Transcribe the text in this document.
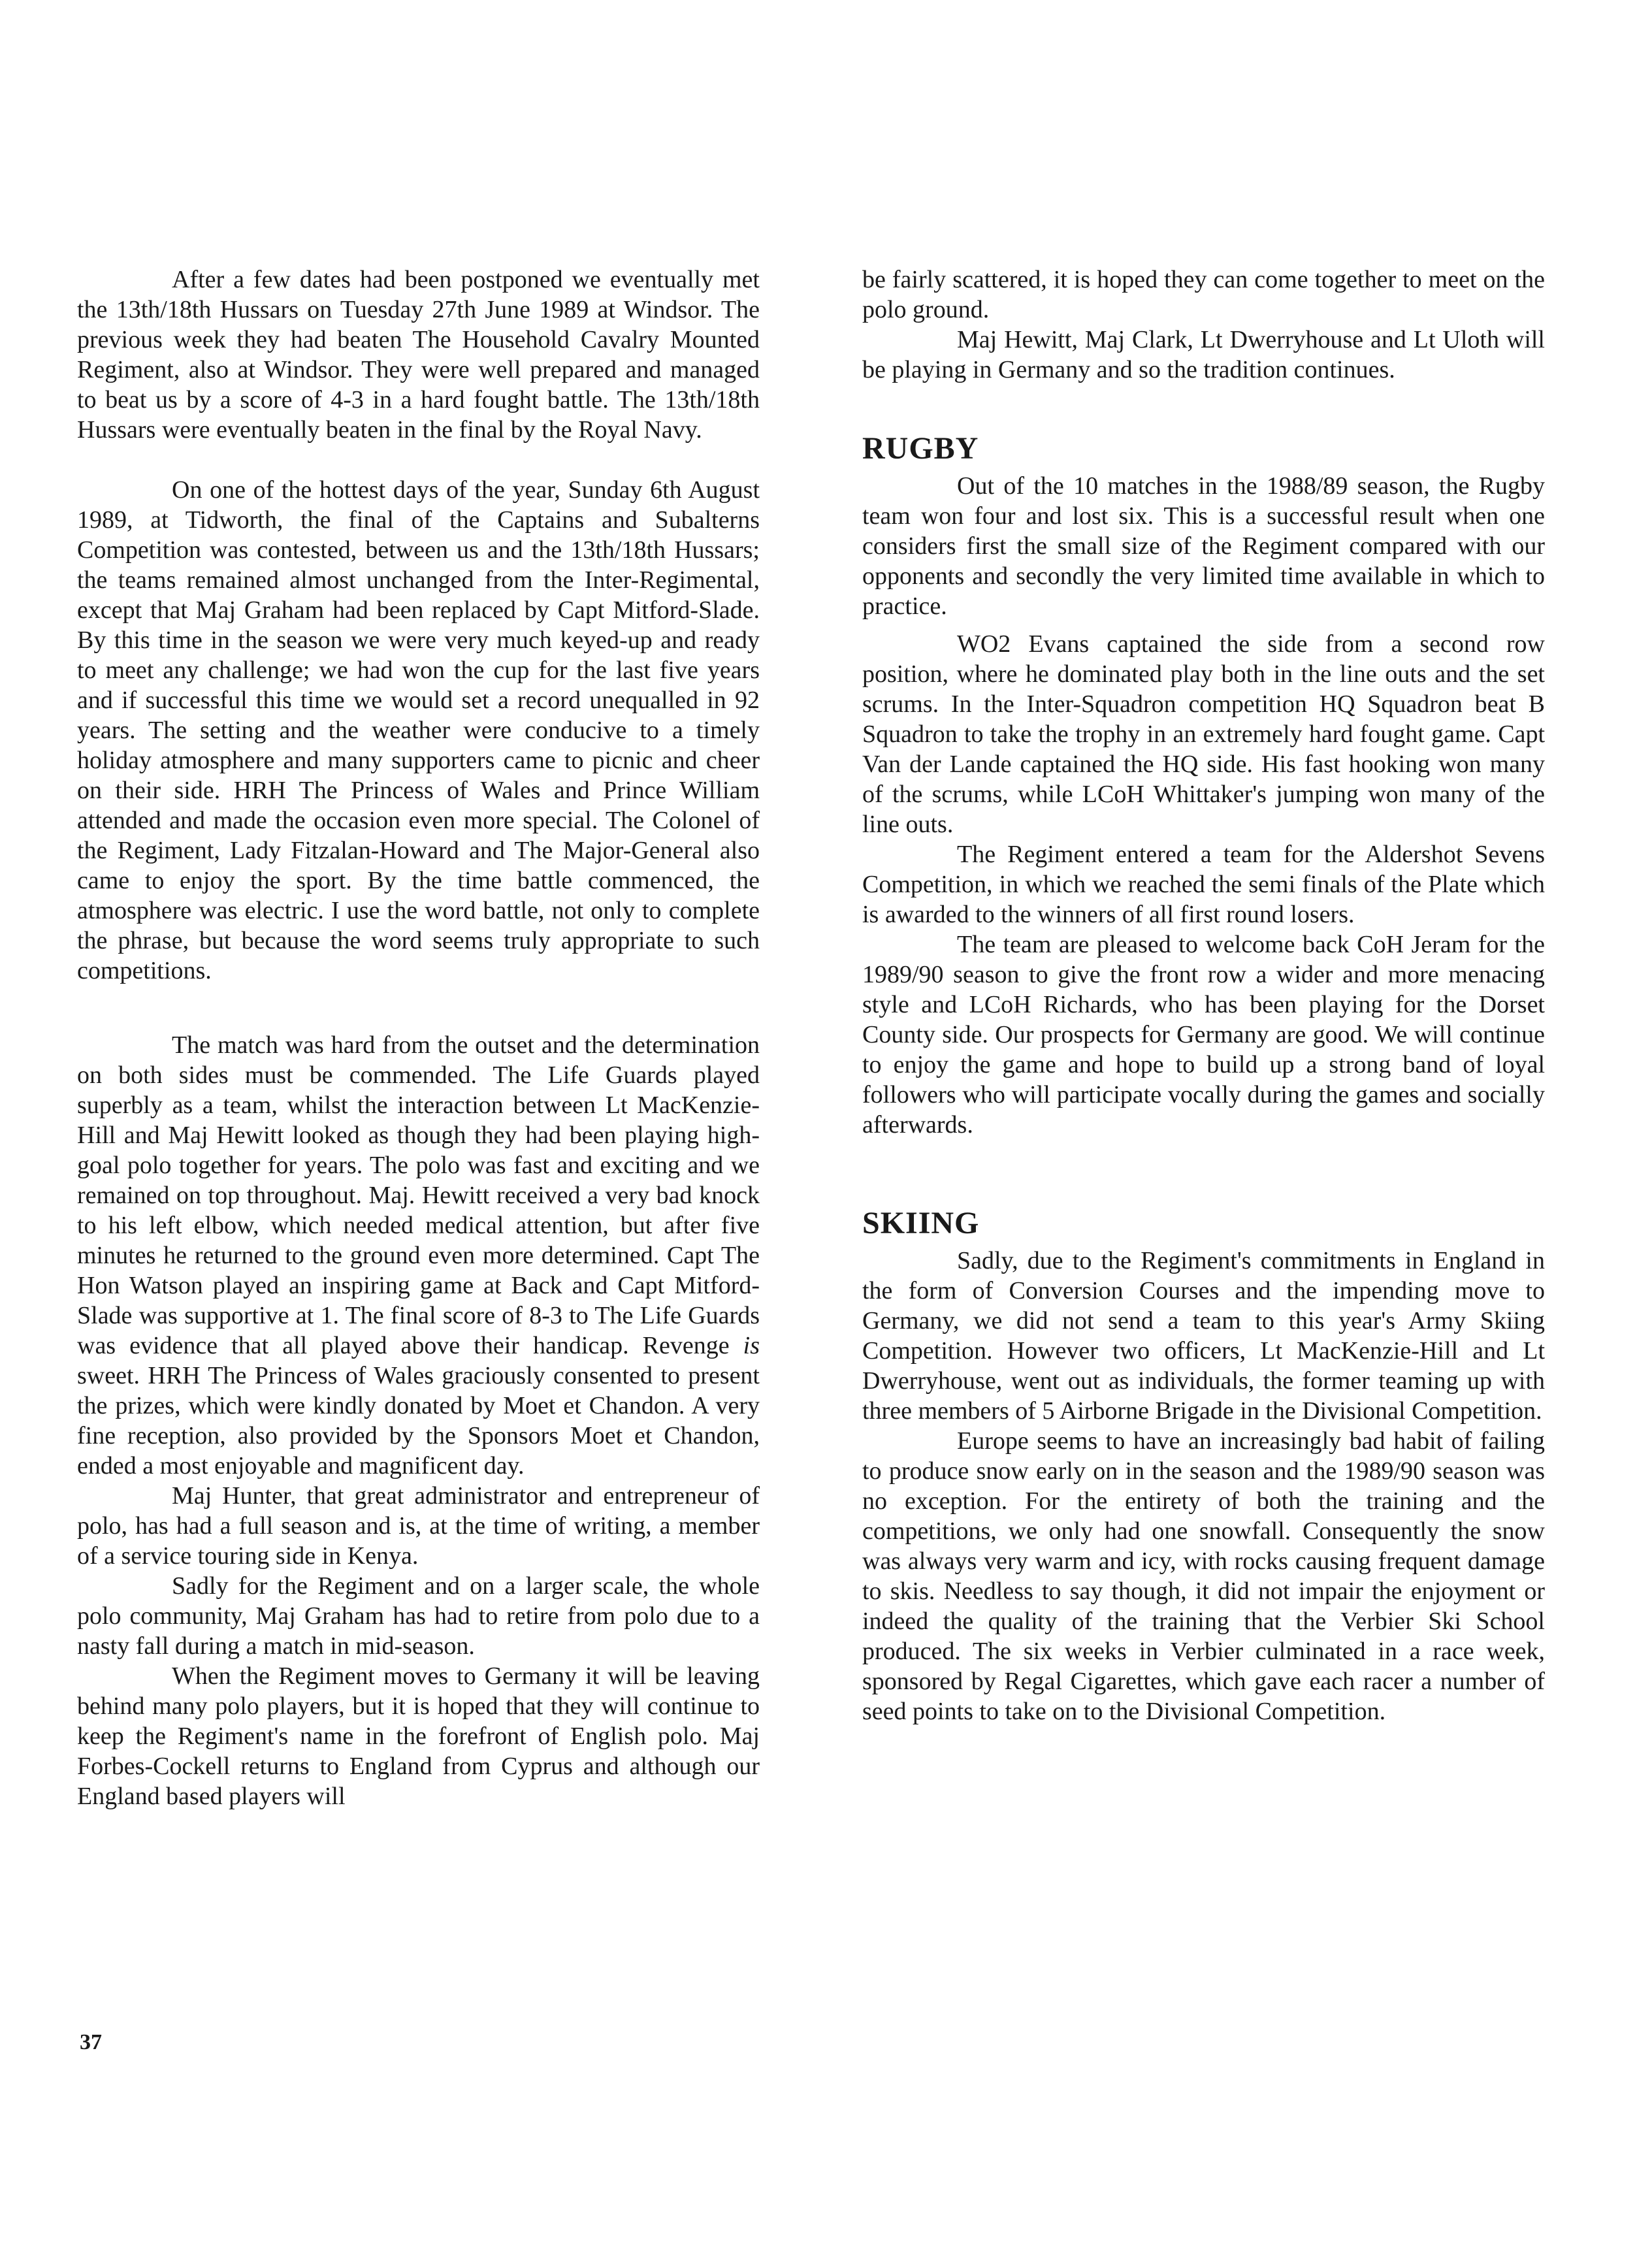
After a few dates had been postponed we eventually met the 13th/18th Hussars on Tuesday 27th June 1989 at Windsor. The previous week they had beaten The Household Cavalry Mounted Regiment, also at Windsor. They were well prepared and managed to beat us by a score of 4-3 in a hard fought battle. The 13th/18th Hussars were eventually beaten in the final by the Royal Navy.

On one of the hottest days of the year, Sunday 6th August 1989, at Tidworth, the final of the Captains and Subalterns Competition was contested, between us and the 13th/18th Hussars; the teams remained almost unchanged from the Inter-Regimental, except that Maj Graham had been replaced by Capt Mitford-Slade. By this time in the season we were very much keyed-up and ready to meet any challenge; we had won the cup for the last five years and if successful this time we would set a record unequalled in 92 years. The setting and the weather were conducive to a timely holiday atmosphere and many supporters came to picnic and cheer on their side. HRH The Princess of Wales and Prince William attended and made the occasion even more special. The Colonel of the Regiment, Lady Fitzalan-Howard and The Major-General also came to enjoy the sport. By the time battle commenced, the atmosphere was electric. I use the word battle, not only to complete the phrase, but because the word seems truly appropriate to such competitions.

The match was hard from the outset and the determination on both sides must be commended. The Life Guards played superbly as a team, whilst the interaction between Lt MacKenzie-Hill and Maj Hewitt looked as though they had been playing high-goal polo together for years. The polo was fast and exciting and we remained on top throughout. Maj. Hewitt received a very bad knock to his left elbow, which needed medical attention, but after five minutes he returned to the ground even more determined. Capt The Hon Watson played an inspiring game at Back and Capt Mitford-Slade was supportive at 1. The final score of 8-3 to The Life Guards was evidence that all played above their handicap. Revenge is sweet. HRH The Princess of Wales graciously consented to present the prizes, which were kindly donated by Moet et Chandon. A very fine reception, also provided by the Sponsors Moet et Chandon, ended a most enjoyable and magnificent day.

Maj Hunter, that great administrator and entrepreneur of polo, has had a full season and is, at the time of writing, a member of a service touring side in Kenya.

Sadly for the Regiment and on a larger scale, the whole polo community, Maj Graham has had to retire from polo due to a nasty fall during a match in mid-season.

When the Regiment moves to Germany it will be leaving behind many polo players, but it is hoped that they will continue to keep the Regiment's name in the forefront of English polo. Maj Forbes-Cockell returns to England from Cyprus and although our England based players will

be fairly scattered, it is hoped they can come together to meet on the polo ground.

Maj Hewitt, Maj Clark, Lt Dwerryhouse and Lt Uloth will be playing in Germany and so the tradition continues.

RUGBY

Out of the 10 matches in the 1988/89 season, the Rugby team won four and lost six. This is a successful result when one considers first the small size of the Regiment compared with our opponents and secondly the very limited time available in which to practice.

WO2 Evans captained the side from a second row position, where he dominated play both in the line outs and the set scrums. In the Inter-Squadron competition HQ Squadron beat B Squadron to take the trophy in an extremely hard fought game. Capt Van der Lande captained the HQ side. His fast hooking won many of the scrums, while LCoH Whittaker's jumping won many of the line outs.

The Regiment entered a team for the Aldershot Sevens Competition, in which we reached the semi finals of the Plate which is awarded to the winners of all first round losers.

The team are pleased to welcome back CoH Jeram for the 1989/90 season to give the front row a wider and more menacing style and LCoH Richards, who has been playing for the Dorset County side. Our prospects for Germany are good. We will continue to enjoy the game and hope to build up a strong band of loyal followers who will participate vocally during the games and socially afterwards.

SKIING

Sadly, due to the Regiment's commitments in England in the form of Conversion Courses and the impending move to Germany, we did not send a team to this year's Army Skiing Competition. However two officers, Lt MacKenzie-Hill and Lt Dwerryhouse, went out as individuals, the former teaming up with three members of 5 Airborne Brigade in the Divisional Competition.

Europe seems to have an increasingly bad habit of failing to produce snow early on in the season and the 1989/90 season was no exception. For the entirety of both the training and the competitions, we only had one snowfall. Consequently the snow was always very warm and icy, with rocks causing frequent damage to skis. Needless to say though, it did not impair the enjoyment or indeed the quality of the training that the Verbier Ski School produced. The six weeks in Verbier culminated in a race week, sponsored by Regal Cigarettes, which gave each racer a number of seed points to take on to the Divisional Competition.

37
